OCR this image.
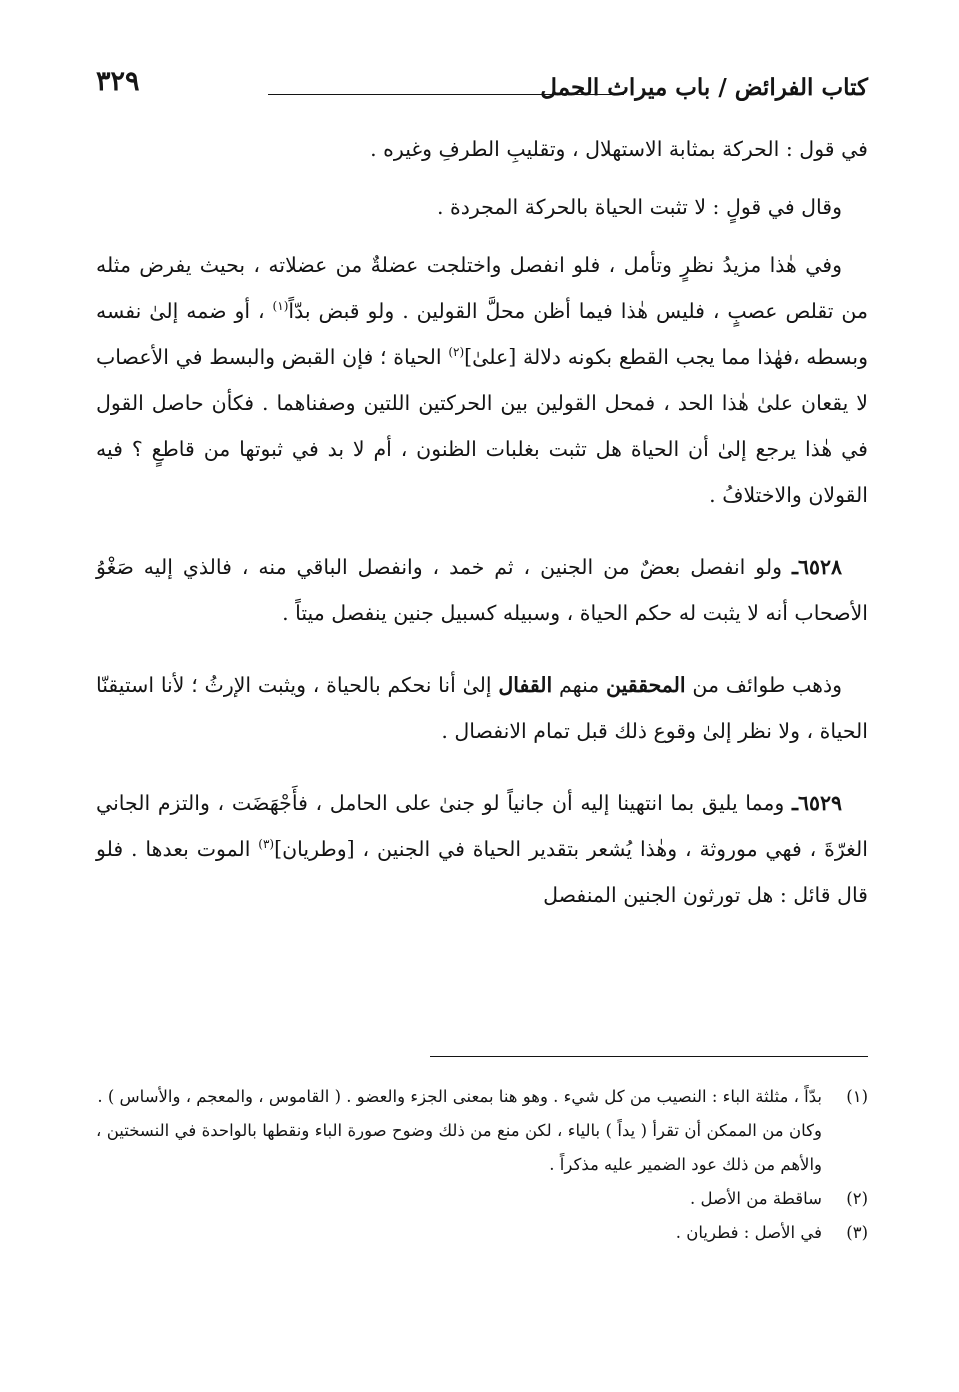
كتاب الفرائض / باب ميراث الحمل
٣٢٩

في قول : الحركة بمثابة الاستهلال ، وتقليبِ الطرفِ وغيره .

وقال في قولٍ : لا تثبت الحياة بالحركة المجردة .

وفي هٰذا مزيدُ نظرٍ وتأمل ، فلو انفصل واختلجت عضلةٌ من عضلاته ، بحيث يفرض مثله من تقلص عصبٍ ، فليس هٰذا فيما أظن محلَّ القولين . ولو قبض بدّاً$^{(١)}$ ، أو ضمه إلىٰ نفسه وبسطه ،فهٰذا مما يجب القطع بكونه دلالة [علىٰ]$^{(٢)}$ الحياة ؛ فإن القبض والبسط في الأعصاب لا يقعان علىٰ هٰذا الحد ، فمحل القولين بين الحركتين اللتين وصفناهما . فكأن حاصل القول في هٰذا يرجع إلىٰ أن الحياة هل تثبت بغلبات الظنون ، أم لا بد في ثبوتها من قاطعٍ ؟ فيه القولان والاختلافُ .

٦٥٢٨ـ ولو انفصل بعضٌ من الجنين ، ثم خمد ، وانفصل الباقي منه ، فالذي إليه صَغْوُ الأصحاب أنه لا يثبت له حكم الحياة ، وسبيله كسبيل جنين ينفصل ميتاً .

وذهب طوائف من المحققين منهم القفال إلىٰ أنا نحكم بالحياة ، ويثبت الإرثُ ؛ لأنا استيقنّا الحياة ، ولا نظر إلىٰ وقوع ذلك قبل تمام الانفصال .

٦٥٢٩ـ ومما يليق بما انتهينا إليه أن جانياً لو جنىٰ على الحامل ، فأَجْهَضَت ، والتزم الجاني الغرّةَ ، فهي موروثة ، وهٰذا يُشعر بتقدير الحياة في الجنين ، [وطريان]$^{(٣)}$ الموت بعدها . فلو قال قائل : هل تورثون الجنين المنفصل

(١)
بدّاً ، مثلثة الباء : النصيب من كل شيء . وهو هنا بمعنى الجزء والعضو . ( القاموس ، والمعجم ، والأساس ) .
وكان من الممكن أن تقرأ ( يداً ) بالياء ، لكن منع من ذلك وضوح صورة الباء ونقطها بالواحدة في النسختين ، والأهم من ذلك عود الضمير عليه مذكراً .
(٢)
ساقطة من الأصل .
(٣)
في الأصل : فطريان .
